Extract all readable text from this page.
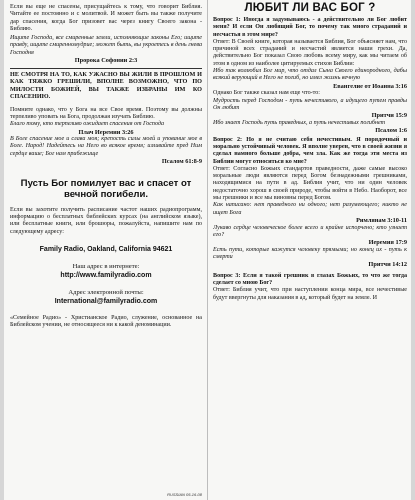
Если вы еще не спасены, присущайтесь к тому, что говорит Библия. Читайте ее постоянно и с молитвой. И может быть вы также получите дар спасения, когда Бог призовет вас через книгу Своего закона - Библию.

Ищите Господа, все смиренные земли, исполняющие законы Его; ищите правду, ищите смиренномудрие; может быть, вы укроетесь в день гнева Господня

Пророка Софонии 2:3

НЕ СМОТРЯ НА ТО, КАК УЖАСНО ВЫ ЖИЛИ В ПРОШЛОМ И КАК ТЯЖКО ГРЕШИЛИ, ВПОЛНЕ ВОЗМОЖНО, ЧТО ПО МИЛОСТИ БОЖИЕЙ, ВЫ ТАКЖЕ ИЗБРАНЫ ИМ КО СПАСЕНИЮ.

Помните однако, что у Бога на все Свое время. Поэтому вы должны терпеливо уповать на Бога, продолжая изучать Библию.

Благо тому, кто терпеливо ожидает спасения от Господа

Плач Иеремии 3:26

В Боге спасение мое и слава моя; крепость силы моей и упование мое в Боге. Народ! Надейтесь на Него во всякое время; изливайте пред Ним сердце ваше; Бог нам прибежище

Псалом 61:8-9
Пусть Бог помилует вас и спасет от вечной погибели.

Если вы захотите получить расписание частот наших радиопрограмм, информацию о бесплатных библейских курсах (на английском языке), или бесплатные книги, или брошюры, пожалуйста, напишите нам по следующему адресу:

Family Radio, Oakland, California 94621
Наш адрес в интернете:
http://www.familyradio.com
Адрес электронной почты:
International@familyradio.com

«Семейное Радио» - Христианское Радио, служение, основанное на Библейском учении, не относящееся ни к какой деноминации.

RUSSIAN 05-16-08
ЛЮБИТ ЛИ ВАС БОГ ?

Вопрос 1: Иногда я задумываюсь - а действительно ли Бог любит меня? И если Он любящий Бог, то почему так много страданий и несчастья в этом мире?

Ответ: В Своей книге, которая называется Библия, Бог объясняет нам, что причиной всех страданий и несчастий является наши грехи. Да, действительно Бог показал Свою любовь всему миру, как мы читаем об этом в одном из наиболее цитируемых стихов Библии:

Ибо так возлюбил Бог мир, что отдал Сына Своего единородного, дабы всякий верующий в Него не погиб, но имел жизнь вечную

Евангелие от Иоанна 3:16

Однако Бог также сказал нам еще что-то:

Мудрость перед Господом - путь нечестивого, а идущего путем правды Он любит

Притчи 15:9

Ибо знает Господь путь праведных, а путь нечестивых погибнет

Псалом 1:6

Вопрос 2: Но я не считаю себя нечестивым. Я порядочный и морально устойчивый человек. Я вполне уверен, что в своей жизни я сделал намного больше добра, чем зла. Как же тогда эти места из Библии могут относиться ко мне?

Ответ: Согласно Божьих стандартов праведности, даже самые высоко моральные люди являются перед Богом безнадежными грешниками, находящимися на пути в ад. Библия учит, что ни один человек недостаточно хорош в своей природе, чтобы войти в Небо. Наоборот, все мы грешники и все мы виновны перед Богом.

Как написано: нет праведного ни одного; нет разумеющего; никто не ищет Бога

Римлянам 3:10-11

Лукаво сердце человеческое более всего и крайне испорчено; кто узнает его?

Иеремия 17:9

Есть пути, которые кажутся человеку прямыми; но конец их - путь к смерти

Притчи 14:12

Вопрос 3: Если я такой грешник в глазах Божьих, то что же тогда сделает со мною Бог?

Ответ: Библия учит, что при наступлении конца мира, все нечестивые будут ввергнуты для наказания в ад, который будет на земле. И
